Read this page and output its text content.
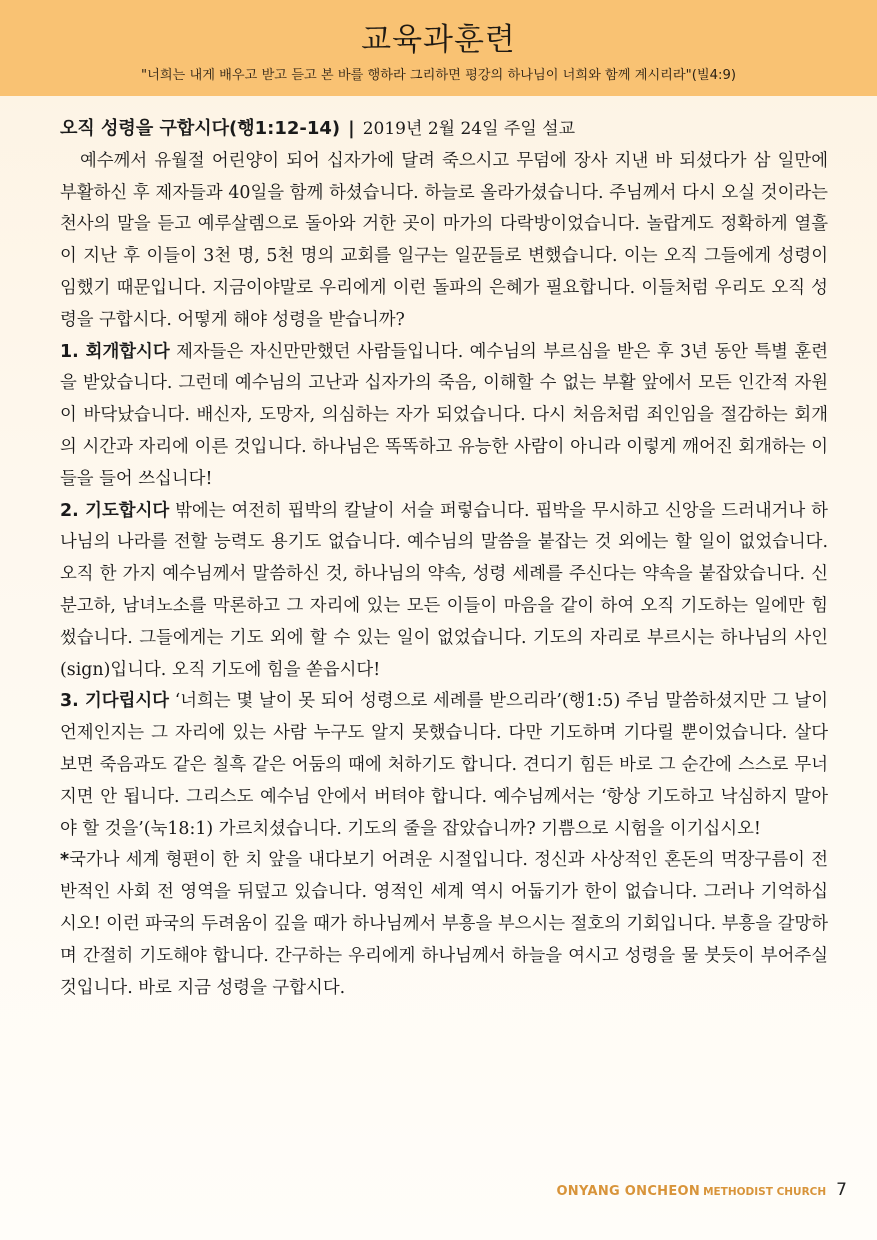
교육과훈련
"너희는 내게 배우고 받고 듣고 본 바를 행하라 그리하면 평강의 하나님이 너희와 함께 계시리라"(빌4:9)
오직 성령을 구합시다(행1:12-14) | 2019년 2월 24일 주일 설교

예수께서 유월절 어린양이 되어 십자가에 달려 죽으시고 무덤에 장사 지낸 바 되셨다가 삼 일만에 부활하신 후 제자들과 40일을 함께 하셨습니다. 하늘로 올라가셨습니다. 주님께서 다시 오실 것이라는 천사의 말을 듣고 예루살렘으로 돌아와 거한 곳이 마가의 다락방이었습니다. 놀랍게도 정확하게 열흘이 지난 후 이들이 3천 명, 5천 명의 교회를 일구는 일꾼들로 변했습니다. 이는 오직 그들에게 성령이 임했기 때문입니다. 지금이야말로 우리에게 이런 돌파의 은혜가 필요합니다. 이들처럼 우리도 오직 성령을 구합시다. 어떻게 해야 성령을 받습니까?

1. 회개합시다 제자들은 자신만만했던 사람들입니다. 예수님의 부르심을 받은 후 3년 동안 특별 훈련을 받았습니다. 그런데 예수님의 고난과 십자가의 죽음, 이해할 수 없는 부활 앞에서 모든 인간적 자원이 바닥났습니다. 배신자, 도망자, 의심하는 자가 되었습니다. 다시 처음처럼 죄인임을 절감하는 회개의 시간과 자리에 이른 것입니다. 하나님은 똑똑하고 유능한 사람이 아니라 이렇게 깨어진 회개하는 이들을 들어 쓰십니다!

2. 기도합시다 밖에는 여전히 핍박의 칼날이 서슬 퍼렇습니다. 핍박을 무시하고 신앙을 드러내거나 하나님의 나라를 전할 능력도 용기도 없습니다. 예수님의 말씀을 붙잡는 것 외에는 할 일이 없었습니다. 오직 한 가지 예수님께서 말씀하신 것, 하나님의 약속, 성령 세례를 주신다는 약속을 붙잡았습니다. 신분고하, 남녀노소를 막론하고 그 자리에 있는 모든 이들이 마음을 같이 하여 오직 기도하는 일에만 힘썼습니다. 그들에게는 기도 외에 할 수 있는 일이 없었습니다. 기도의 자리로 부르시는 하나님의 사인(sign)입니다. 오직 기도에 힘을 쏟읍시다!

3. 기다립시다 ‘너희는 몇 날이 못 되어 성령으로 세례를 받으리라’(행1:5) 주님 말씀하셨지만 그 날이 언제인지는 그 자리에 있는 사람 누구도 알지 못했습니다. 다만 기도하며 기다릴 뿐이었습니다. 살다 보면 죽음과도 같은 칠흑 같은 어둠의 때에 처하기도 합니다. 견디기 힘든 바로 그 순간에 스스로 무너지면 안 됩니다. 그리스도 예수님 안에서 버텨야 합니다. 예수님께서는 ‘항상 기도하고 낙심하지 말아야 할 것을’(눅18:1) 가르치셨습니다. 기도의 줄을 잡았습니까? 기쁨으로 시험을 이기십시오!

*국가나 세계 형편이 한 치 앞을 내다보기 어려운 시절입니다. 정신과 사상적인 혼돈의 먹장구름이 전반적인 사회 전 영역을 뒤덮고 있습니다. 영적인 세계 역시 어둡기가 한이 없습니다. 그러나 기억하십시오! 이런 파국의 두려움이 깊을 때가 하나님께서 부흥을 부으시는 절호의 기회입니다. 부흥을 갈망하며 간절히 기도해야 합니다. 간구하는 우리에게 하나님께서 하늘을 여시고 성령을 물 붓듯이 부어주실 것입니다. 바로 지금 성령을 구합시다.

ONYANG ONCHEON METHODIST CHURCH 7
